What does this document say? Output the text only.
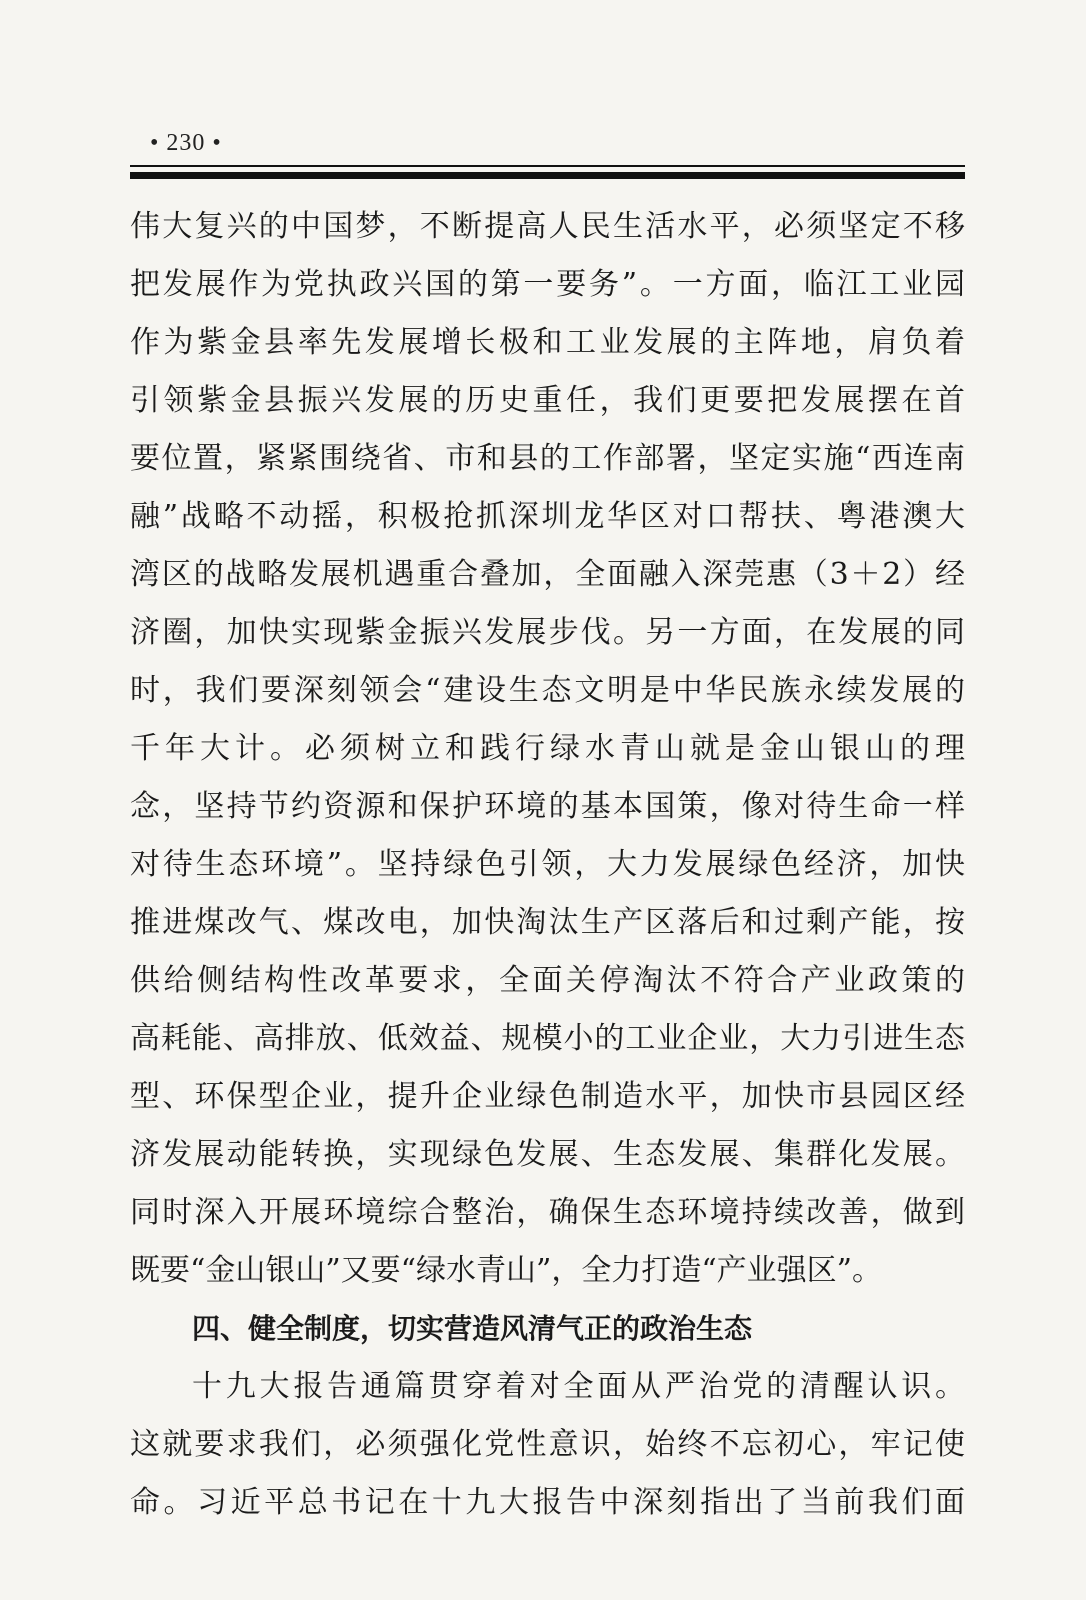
• 230 •
伟大复兴的中国梦，不断提高人民生活水平，必须坚定不移
把发展作为党执政兴国的第一要务”。一方面，临江工业园
作为紫金县率先发展增长极和工业发展的主阵地，肩负着
引领紫金县振兴发展的历史重任，我们更要把发展摆在首
要位置，紧紧围绕省、市和县的工作部署，坚定实施“西连南
融”战略不动摇，积极抢抓深圳龙华区对口帮扶、粤港澳大
湾区的战略发展机遇重合叠加，全面融入深莞惠（3＋2）经
济圈，加快实现紫金振兴发展步伐。另一方面，在发展的同
时，我们要深刻领会“建设生态文明是中华民族永续发展的
千年大计。必须树立和践行绿水青山就是金山银山的理
念，坚持节约资源和保护环境的基本国策，像对待生命一样
对待生态环境”。坚持绿色引领，大力发展绿色经济，加快
推进煤改气、煤改电，加快淘汰生产区落后和过剩产能，按
供给侧结构性改革要求，全面关停淘汰不符合产业政策的
高耗能、高排放、低效益、规模小的工业企业，大力引进生态
型、环保型企业，提升企业绿色制造水平，加快市县园区经
济发展动能转换，实现绿色发展、生态发展、集群化发展。
同时深入开展环境综合整治，确保生态环境持续改善，做到
既要“金山银山”又要“绿水青山”，全力打造“产业强区”。
四、健全制度，切实营造风清气正的政治生态
十九大报告通篇贯穿着对全面从严治党的清醒认识。
这就要求我们，必须强化党性意识，始终不忘初心，牢记使
命。习近平总书记在十九大报告中深刻指出了当前我们面
